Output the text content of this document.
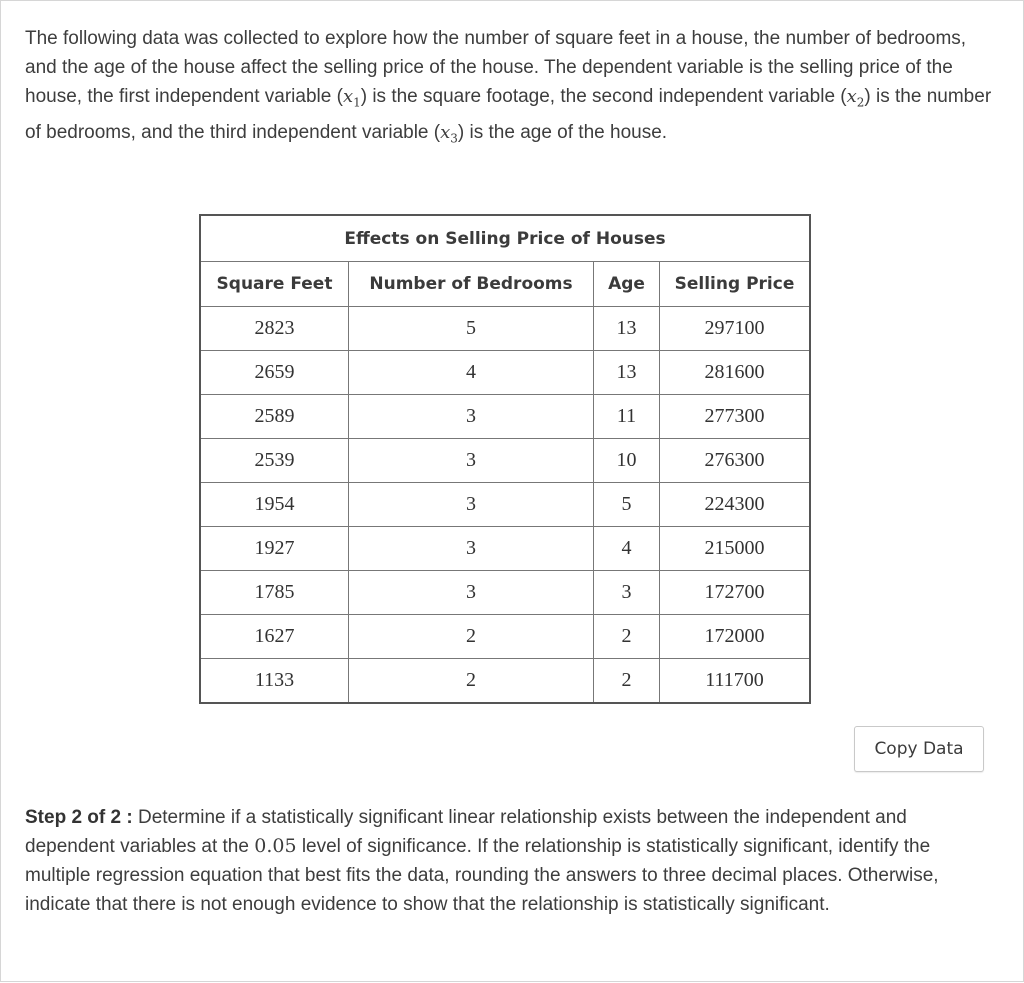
The following data was collected to explore how the number of square feet in a house, the number of bedrooms, and the age of the house affect the selling price of the house. The dependent variable is the selling price of the house, the first independent variable $(x_1)$ is the square footage, the second independent variable $(x_2)$ is the number of bedrooms, and the third independent variable $(x_3)$ is the age of the house.
Effects on Selling Price of Houses			
Square Feet	Number of Bedrooms	Age	Selling Price
2823	5	13	297100
2659	4	13	281600
2589	3	11	277300
2539	3	10	276300
1954	3	5	224300
1927	3	4	215000
1785	3	3	172700
1627	2	2	172000
1133	2	2	111700
Copy Data
Step 2 of 2 : Determine if a statistically significant linear relationship exists between the independent and dependent variables at the 0.05 level of significance. If the relationship is statistically significant, identify the multiple regression equation that best fits the data, rounding the answers to three decimal places. Otherwise, indicate that there is not enough evidence to show that the relationship is statistically significant.
